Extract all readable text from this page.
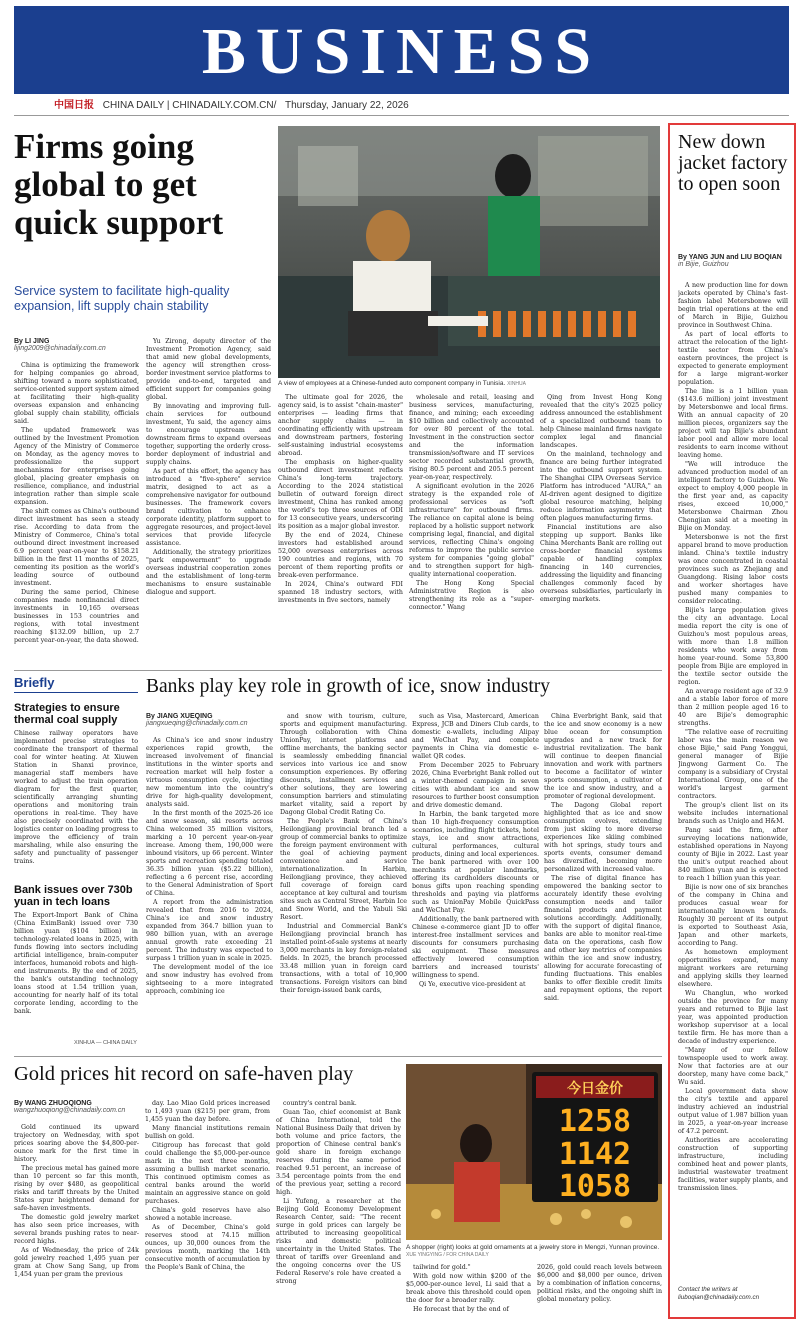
BUSINESS
中国日报 CHINA DAILY | CHINADAILY.COM.CN/ Thursday, January 22, 2026
Firms going global to get quick support
Service system to facilitate high-quality expansion, lift supply chain stability
By LI JING
lijing2009@chinadaily.com.cn

China is optimizing the framework for helping companies go abroad, shifting toward a more sophisticated, service-oriented support system aimed at facilitating their high-quality overseas expansion and enhancing global supply chain stability, officials said.

The updated framework was outlined by the Investment Promotion Agency of the Ministry of Commerce on Monday, as the agency moves to professionalize the support mechanisms for enterprises going global, placing greater emphasis on resilience, compliance, and industrial integration rather than simple scale expansion.

The shift comes as China's outbound direct investment has seen a steady rise. According to data from the Ministry of Commerce, China's total outbound direct investment increased 6.9 percent year-on-year to $158.21 billion in the first 11 months of 2025, cementing its position as the world's leading source of outbound investment.

During the same period, Chinese companies made nonfinancial direct investments in 10,165 overseas businesses in 153 countries and regions, with total investment reaching $132.09 billion, up 2.7 percent year-on-year, the data showed.

Yu Zirong, deputy director of the Investment Promotion Agency, said that amid new global developments, the agency will strengthen cross-border investment service platforms to provide end-to-end, targeted and efficient support for companies going global.

By innovating and improving full-chain services for outbound investment, Yu said, the agency aims to encourage upstream and downstream firms to expand overseas together, supporting the orderly cross-border deployment of industrial and supply chains.

As part of this effort, the agency has introduced a "five-sphere" service matrix, designed to act as a comprehensive navigator for outbound businesses. The framework covers brand cultivation to enhance corporate identity, platform support to aggregate resources, and project-level services that provide lifecycle assistance.

Additionally, the strategy prioritizes "park empowerment" to upgrade overseas industrial cooperation zones and the establishment of long-term mechanisms to ensure sustainable dialogue and support.

A view of employees at a Chinese-funded auto component company in Tunisia. XINHUA

The ultimate goal for 2026, the agency said, is to assist "chain-master" enterprises — leading firms that anchor supply chains — in coordinating efficiently with upstream and downstream partners, fostering self-sustaining industrial ecosystems abroad.

The emphasis on higher-quality outbound direct investment reflects China's long-term trajectory. According to the 2024 statistical bulletin of outward foreign direct investment, China has ranked among the world's top three sources of ODI for 13 consecutive years, underscoring its position as a major global investor.

By the end of 2024, Chinese investors had established around 52,000 overseas enterprises across 190 countries and regions, with 70 percent of them reporting profits or break-even performance.

In 2024, China's outward FDI spanned 18 industry sectors, with investments in five sectors, namely

wholesale and retail, leasing and business services, manufacturing, finance, and mining; each exceeding $10 billion and collectively accounted for over 80 percent of the total. Investment in the construction sector and the information transmission/software and IT services sector recorded substantial growth, rising 80.5 percent and 205.5 percent year-on-year, respectively.

A significant evolution in the 2026 strategy is the expanded role of professional services as "soft infrastructure" for outbound firms. The reliance on capital alone is being replaced by a holistic support network comprising legal, financial, and digital services, reflecting China's ongoing reforms to improve the public service system for companies "going global" and to strengthen support for high-quality international cooperation.

The Hong Kong Special Administrative Region is also strengthening its role as a "super-connector." Wang

Qing from Invest Hong Kong revealed that the city's 2025 policy address announced the establishment of a specialized outbound team to help Chinese mainland firms navigate complex legal and financial landscapes.

On the mainland, technology and finance are being further integrated into the outbound support system. The Shanghai CIPA Overseas Service Platform has introduced "AURA," an AI-driven agent designed to digitize global resource matching, helping reduce information asymmetry that often plagues manufacturing firms.

Financial institutions are also stepping up support. Banks like China Merchants Bank are rolling out cross-border financial systems capable of handling complex financing in 140 currencies, addressing the liquidity and financing challenges commonly faced by overseas subsidiaries, particularly in emerging markets.

Briefly
Strategies to ensure thermal coal supply

Chinese railway operators have implemented precise strategies to coordinate the transport of thermal coal for winter heating. At Xiuwen Station in Shanxi province, managerial staff members have worked to adjust the train operation diagram for the first quarter, scientifically arranging shunting operations and monitoring train operations in real-time. They have also precisely coordinated with the logistics center on loading progress to improve the efficiency of train marshaling, while also ensuring the safety and punctuality of passenger trains.

Bank issues over 730b yuan in tech loans

The Export-Import Bank of China (China EximBank) issued over 730 billion yuan ($104 billion) in technology-related loans in 2025, with funds flowing into sectors including artificial intelligence, brain-computer interfaces, humanoid robots and high-end instruments. By the end of 2025, the bank's outstanding technology loans stood at 1.54 trillion yuan, accounting for nearly half of its total corporate lending, according to the bank.

XINHUA — CHINA DAILY
Banks play key role in growth of ice, snow industry
By JIANG XUEQING
jiangxueqing@chinadaily.com.cn

As China's ice and snow industry experiences rapid growth, the increased involvement of financial institutions in the winter sports and recreation market will help foster a virtuous consumption cycle, injecting new momentum into the country's drive for high-quality development, analysts said.

In the first month of the 2025-26 ice and snow season, ski resorts across China welcomed 35 million visitors, marking a 10 percent year-on-year increase. Among them, 190,000 were inbound visitors, up 66 percent. Winter sports and recreation spending totaled 36.35 billion yuan ($5.22 billion), reflecting a 6 percent rise, according to the General Administration of Sport of China.

A report from the administration revealed that from 2016 to 2024, China's ice and snow industry expanded from 364.7 billion yuan to 980 billion yuan, with an average annual growth rate exceeding 21 percent. The industry was expected to surpass 1 trillion yuan in scale in 2025.

The development model of the ice and snow industry has evolved from sightseeing to a more integrated approach, combining ice

and snow with tourism, culture, sports and equipment manufacturing. Through collaboration with China UnionPay, internet platforms and offline merchants, the banking sector is seamlessly embedding financial services into various ice and snow consumption experiences. By offering discounts, installment services and other solutions, they are lowering consumption barriers and stimulating market vitality, said a report by Dagong Global Credit Rating Co.

The People's Bank of China's Heilongjiang provincial branch led a group of commercial banks to optimize the foreign payment environment with the goal of achieving payment convenience and service internationalization. In Harbin, Heilongjiang province, they achieved full coverage of foreign card acceptance at key cultural and tourism sites such as Central Street, Harbin Ice and Snow World, and the Yabuli Ski Resort.

Industrial and Commercial Bank's Heilongjiang provincial branch has installed point-of-sale systems at nearly 3,000 merchants in key foreign-related fields. In 2025, the branch processed 33.48 million yuan in foreign card transactions, with a total of 10,900 transactions. Foreign visitors can bind their foreign-issued bank cards,

such as Visa, Mastercard, American Express, JCB and Diners Club cards, to domestic e-wallets, including Alipay and WeChat Pay, and complete payments in China via domestic e-wallet QR codes.

From December 2025 to February 2026, China Everbright Bank rolled out a winter-themed campaign in seven cities with abundant ice and snow resources to further boost consumption and drive domestic demand.

In Harbin, the bank targeted more than 10 high-frequency consumption scenarios, including flight tickets, hotel stays, ice and snow attractions, cultural performances, cultural products, dining and local experiences. The bank partnered with over 100 merchants at popular landmarks, offering its cardholders discounts or bonus gifts upon reaching spending thresholds and paying via platforms such as UnionPay Mobile QuickPass and WeChat Pay.

Additionally, the bank partnered with Chinese e-commerce giant JD to offer interest-free installment services and discounts for consumers purchasing ski equipment. These measures effectively lowered consumption barriers and increased tourists' willingness to spend.

Qi Ye, executive vice-president at

China Everbright Bank, said that the ice and snow economy is a new blue ocean for consumption upgrades and a new track for industrial revitalization. The bank will continue to deepen financial innovation and work with partners to become a facilitator of winter sports consumption, a cultivator of the ice and snow industry, and a promoter of regional development.

The Dagong Global report highlighted that as ice and snow consumption evolves, extending from just skiing to more diverse experiences like skiing combined with hot springs, study tours and sports events, consumer demand has diversified, becoming more personalized with increased value.

The rise of digital finance has empowered the banking sector to accurately identify these evolving consumption needs and tailor financial products and payment solutions accordingly. Additionally, with the support of digital finance, banks are able to monitor real-time data on the operations, cash flow and other key metrics of companies within the ice and snow industry, allowing for accurate forecasting of funding fluctuations. This enables banks to offer flexible credit limits and repayment options, the report said.

Gold prices hit record on safe-haven play
By WANG ZHUOQIONG
wangzhuoqiong@chinadaily.com.cn

Gold continued its upward trajectory on Wednesday, with spot prices soaring above the $4,800-per-ounce mark for the first time in history.

The precious metal has gained more than 10 percent so far this month, rising by over $480, as geopolitical risks and tariff threats by the United States spur heightened demand for safe-haven investments.

The domestic gold jewelry market has also seen price increases, with several brands pushing rates to near-record highs.

As of Wednesday, the price of 24k gold jewelry reached 1,495 yuan per gram at Chow Sang Sang, up from 1,454 yuan per gram the previous

day. Lao Miao Gold prices increased to 1,493 yuan ($215) per gram, from 1,455 yuan the day before.

Many financial institutions remain bullish on gold.

Citigroup has forecast that gold could challenge the $5,000-per-ounce mark in the next three months, assuming a bullish market scenario. This continued optimism comes as central banks around the world maintain an aggressive stance on gold purchases.

China's gold reserves have also showed a notable increase.

As of December, China's gold reserves stood at 74.15 million ounces, up 30,000 ounces from the previous month, marking the 14th consecutive month of accumulation by the People's Bank of China, the

country's central bank.

Guan Tao, chief economist at Bank of China International, told the National Business Daily that driven by both volume and price factors, the proportion of Chinese central bank's gold share in foreign exchange reserves during the same period reached 9.51 percent, an increase of 3.54 percentage points from the end of the previous year, setting a record high.

Li Yufeng, a researcher at the Beijing Gold Economy Development Research Center, said: "The recent surge in gold prices can largely be attributed to increasing geopolitical risks and domestic political uncertainty in the United States. The threat of tariffs over Greenland and the ongoing concerns over the US Federal Reserve's role have created a strong

今日金价
1258
1142
1058
A shopper (right) looks at gold ornaments at a jewelry store in Mengzi, Yunnan province. XUE YINGYING / FOR CHINA DAILY

tailwind for gold."

With gold now within $200 of the $5,000-per-ounce level, Li said that a break above this threshold could open the door for a broader rally.

He forecast that by the end of

2026, gold could reach levels between $6,000 and $8,000 per ounce, driven by a combination of inflation concerns, political risks, and the ongoing shift in global monetary policy.

New down jacket factory to open soon
By YANG JUN and LIU BOQIAN in Bijie, Guizhou

A new production line for down jackets operated by China's fast-fashion label Metersbonwe will begin trial operations at the end of March in Bijie, Guizhou province in Southwest China.

As part of local efforts to attract the relocation of the light-textile sector from China's eastern provinces, the project is expected to generate employment for a large migrant-worker population.

The line is a 1 billion yuan ($143.6 million) joint investment by Metersbonwe and local firms. With an annual capacity of 20 million pieces, organizers say the project will tap Bijie's abundant labor pool and allow more local residents to earn income without leaving home.

"We will introduce the advanced production model of an intelligent factory to Guizhou. We expect to employ 4,000 people in the first year and, as capacity rises, exceed 10,000," Metersbonwe Chairman Zhou Chengjian said at a meeting in Bijie on Monday.

Metersbonwe is not the first apparel brand to move production inland. China's textile industry was once concentrated in coastal provinces such as Zhejiang and Guangdong. Rising labor costs and worker shortages have pushed many companies to consider relocating.

Bijie's large population gives the city an advantage. Local media report the city is one of Guizhou's most populous areas, with more than 1.8 million residents who work away from home year-round. Some 53,800 people from Bijie are employed in the textile sector outside the region.

An average resident age of 32.9 and a stable labor force of more than 2 million people aged 16 to 40 are Bijie's demographic strengths.

"The relative ease of recruiting labor was the main reason we chose Bijie," said Pang Yonggui, general manager of Bijie Jingwong Garment Co. The company is a subsidiary of Crystal International Group, one of the world's largest garment contractors.

The group's client list on its website includes international brands such as Uniqlo and H&M.

Pang said the firm, after surveying locations nationwide, established operations in Nayong county of Bijie in 2022. Last year the unit's output reached about 840 million yuan and is expected to reach 1 billion yuan this year.

Bijie is now one of six branches of the company in China and produces casual wear for internationally known brands. Roughly 30 percent of its output is exported to Southeast Asia, Japan and other markets, according to Pang.

As hometown employment opportunities expand, many migrant workers are returning and applying skills they learned elsewhere.

Wu Changlun, who worked outside the province for many years and returned to Bijie last year, was appointed production workshop supervisor at a local textile firm. He has more than a decade of industry experience.

"Many of our fellow townspeople used to work away. Now that factories are at our doorstep, many have come back," Wu said.

Local government data show the city's textile and apparel industry achieved an industrial output value of 1.987 billion yuan in 2025, a year-on-year increase of 47.2 percent.

Authorities are accelerating construction of supporting infrastructure, including combined heat and power plants, industrial wastewater treatment facilities, water supply plants, and transmission lines.

Contact the writers at
liuboqian@chinadaily.com.cn
